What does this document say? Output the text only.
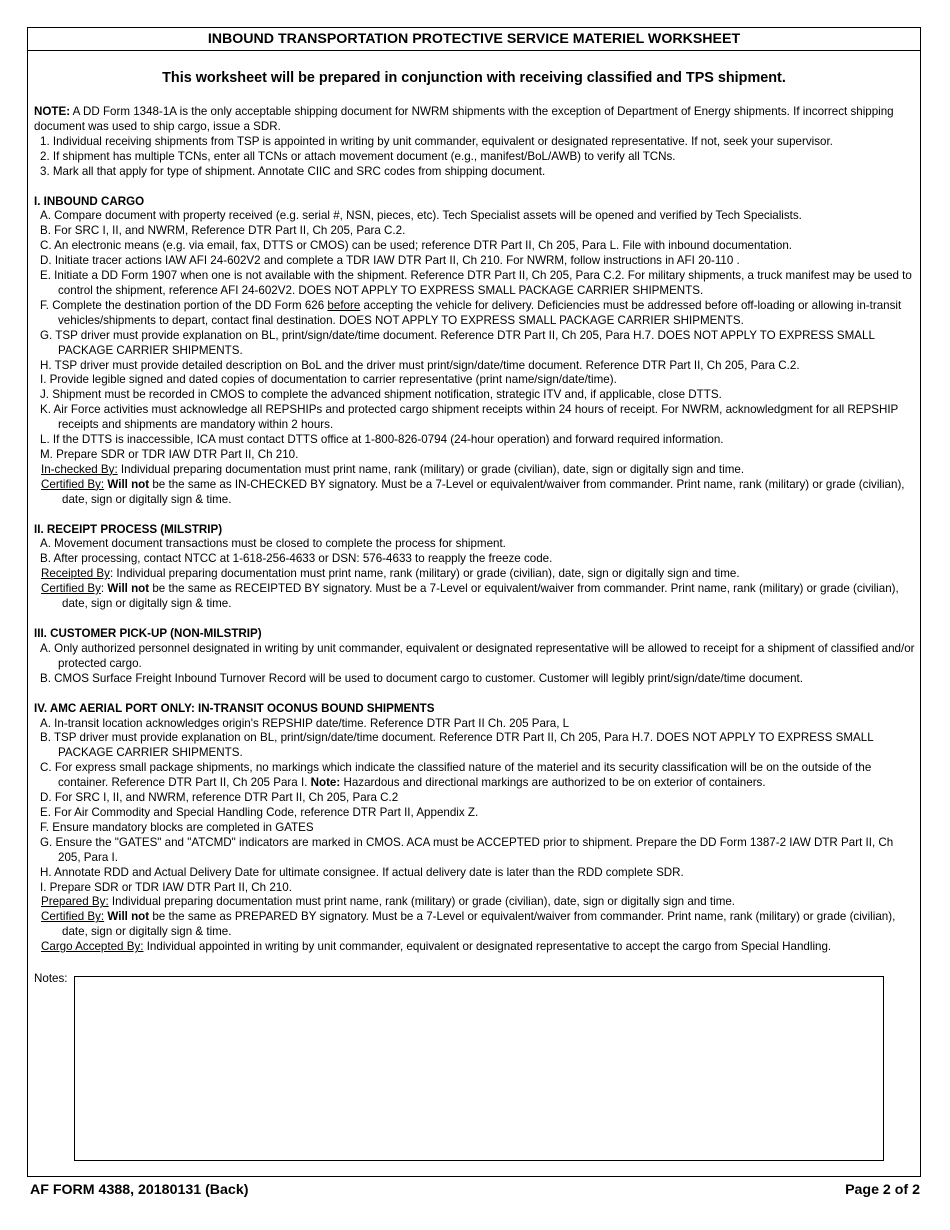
INBOUND TRANSPORTATION PROTECTIVE SERVICE MATERIEL WORKSHEET
This worksheet will be prepared in conjunction with receiving classified and TPS shipment.

NOTE: A DD Form 1348-1A is the only acceptable shipping document for NWRM shipments with the exception of Department of Energy shipments. If incorrect shipping document was used to ship cargo, issue a SDR.

1. Individual receiving shipments from TSP is appointed in writing by unit commander, equivalent or designated representative. If not, seek your supervisor.

2. If shipment has multiple TCNs, enter all TCNs or attach movement document (e.g., manifest/BoL/AWB) to verify all TCNs.

3. Mark all that apply for type of shipment. Annotate CIIC and SRC codes from shipping document.

I. INBOUND CARGO

A. Compare document with property received (e.g. serial #, NSN, pieces, etc). Tech Specialist assets will be opened and verified by Tech Specialists.

B. For SRC I, II, and NWRM, Reference DTR Part II, Ch 205, Para C.2.

C. An electronic means (e.g. via email, fax, DTTS or CMOS) can be used; reference DTR Part II, Ch 205, Para L. File with inbound documentation.

D. Initiate tracer actions IAW AFI 24-602V2 and complete a TDR IAW DTR Part II, Ch 210. For NWRM, follow instructions in AFI 20-110 .

E. Initiate a DD Form 1907 when one is not available with the shipment. Reference DTR Part II, Ch 205, Para C.2. For military shipments, a truck manifest may be used to control the shipment, reference AFI 24-602V2. DOES NOT APPLY TO EXPRESS SMALL PACKAGE CARRIER SHIPMENTS.

F. Complete the destination portion of the DD Form 626 before accepting the vehicle for delivery. Deficiencies must be addressed before off-loading or allowing in-transit vehicles/shipments to depart, contact final destination. DOES NOT APPLY TO EXPRESS SMALL PACKAGE CARRIER SHIPMENTS.

G. TSP driver must provide explanation on BL, print/sign/date/time document. Reference DTR Part II, Ch 205, Para H.7. DOES NOT APPLY TO EXPRESS SMALL PACKAGE CARRIER SHIPMENTS.

H. TSP driver must provide detailed description on BoL and the driver must print/sign/date/time document. Reference DTR Part II, Ch 205, Para C.2.

I. Provide legible signed and dated copies of documentation to carrier representative (print name/sign/date/time).

J. Shipment must be recorded in CMOS to complete the advanced shipment notification, strategic ITV and, if applicable, close DTTS.

K. Air Force activities must acknowledge all REPSHIPs and protected cargo shipment receipts within 24 hours of receipt. For NWRM, acknowledgment for all REPSHIP receipts and shipments are mandatory within 2 hours.

L. If the DTTS is inaccessible, ICA must contact DTTS office at 1-800-826-0794 (24-hour operation) and forward required information.

M. Prepare SDR or TDR IAW DTR Part II, Ch 210.

In-checked By: Individual preparing documentation must print name, rank (military) or grade (civilian), date, sign or digitally sign and time.

Certified By: Will not be the same as IN-CHECKED BY signatory. Must be a 7-Level or equivalent/waiver from commander. Print name, rank (military) or grade (civilian), date, sign or digitally sign & time.

II. RECEIPT PROCESS (MILSTRIP)

A. Movement document transactions must be closed to complete the process for shipment.

B. After processing, contact NTCC at 1-618-256-4633 or DSN: 576-4633 to reapply the freeze code.

Receipted By: Individual preparing documentation must print name, rank (military) or grade (civilian), date, sign or digitally sign and time.

Certified By: Will not be the same as RECEIPTED BY signatory. Must be a 7-Level or equivalent/waiver from commander. Print name, rank (military) or grade (civilian), date, sign or digitally sign & time.

III. CUSTOMER PICK-UP (NON-MILSTRIP)

A. Only authorized personnel designated in writing by unit commander, equivalent or designated representative will be allowed to receipt for a shipment of classified and/or protected cargo.

B. CMOS Surface Freight Inbound Turnover Record will be used to document cargo to customer. Customer will legibly print/sign/date/time document.

IV. AMC AERIAL PORT ONLY: IN-TRANSIT OCONUS BOUND SHIPMENTS

A. In-transit location acknowledges origin's REPSHIP date/time. Reference DTR Part II Ch. 205 Para, L

B. TSP driver must provide explanation on BL, print/sign/date/time document. Reference DTR Part II, Ch 205, Para H.7. DOES NOT APPLY TO EXPRESS SMALL PACKAGE CARRIER SHIPMENTS.

C. For express small package shipments, no markings which indicate the classified nature of the materiel and its security classification will be on the outside of the container. Reference DTR Part II, Ch 205 Para I. Note: Hazardous and directional markings are authorized to be on exterior of containers.

D. For SRC I, II, and NWRM, reference DTR Part II, Ch 205, Para C.2

E. For Air Commodity and Special Handling Code, reference DTR Part II, Appendix Z.

F. Ensure mandatory blocks are completed in GATES

G. Ensure the "GATES" and "ATCMD" indicators are marked in CMOS. ACA must be ACCEPTED prior to shipment. Prepare the DD Form 1387-2 IAW DTR Part II, Ch 205, Para I.

H. Annotate RDD and Actual Delivery Date for ultimate consignee. If actual delivery date is later than the RDD complete SDR.

I. Prepare SDR or TDR IAW DTR Part II, Ch 210.

Prepared By: Individual preparing documentation must print name, rank (military) or grade (civilian), date, sign or digitally sign and time.

Certified By: Will not be the same as PREPARED BY signatory. Must be a 7-Level or equivalent/waiver from commander. Print name, rank (military) or grade (civilian), date, sign or digitally sign & time.

Cargo Accepted By: Individual appointed in writing by unit commander, equivalent or designated representative to accept the cargo from Special Handling.

Notes:
AF FORM 4388, 20180131 (Back)	Page 2 of 2
